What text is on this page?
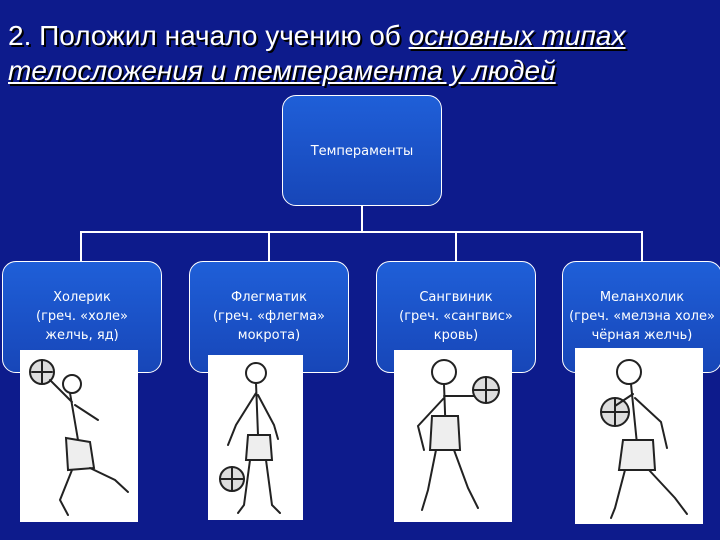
2. Положил начало учению об основных типах телосложения и темперамента у людей
Темпераменты
Холерик
(греч. «холе»
желчь, яд)
Флегматик
(греч. «флегма»
мокрота)
Сангвиник
(греч. «сангвис»
кровь)
Меланхолик
(греч. «мелэна холе»
чёрная желчь)
